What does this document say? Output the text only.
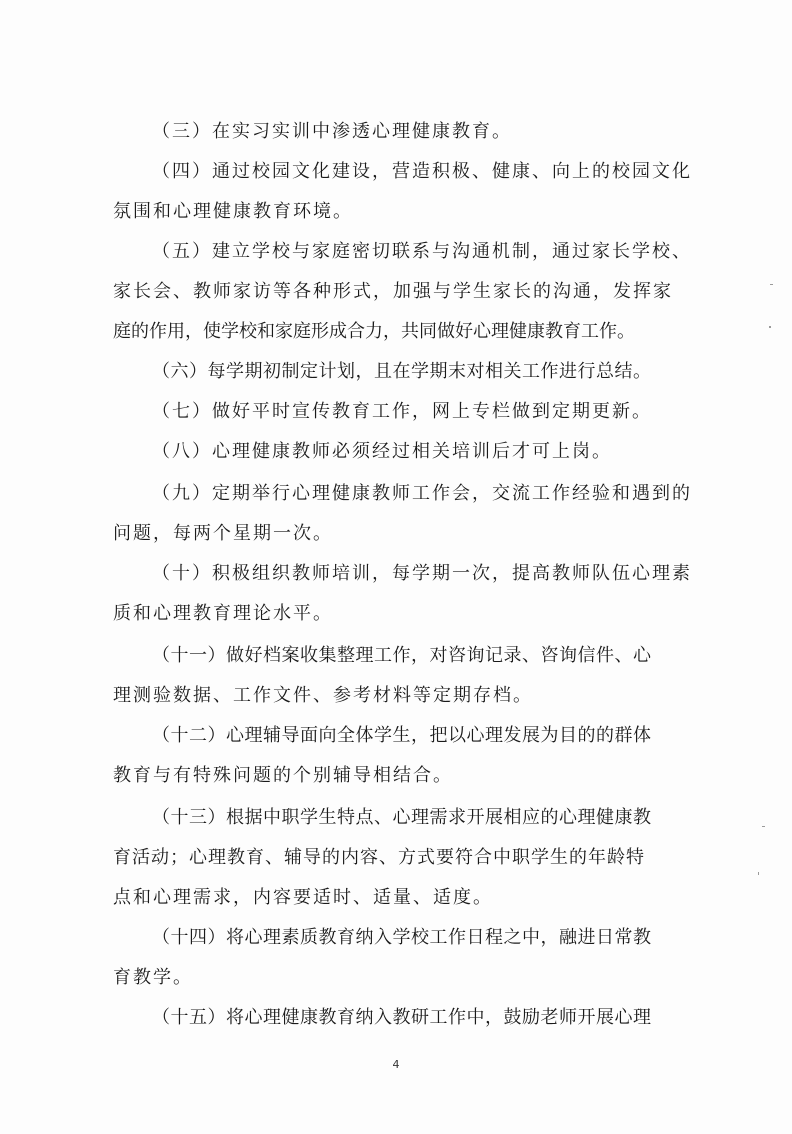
（三）在实习实训中渗透心理健康教育。

（四）通过校园文化建设，营造积极、健康、向上的校园文化
氛围和心理健康教育环境。

（五）建立学校与家庭密切联系与沟通机制，通过家长学校、
家长会、教师家访等各种形式，加强与学生家长的沟通，发挥家
庭的作用，使学校和家庭形成合力，共同做好心理健康教育工作。

（六）每学期初制定计划，且在学期末对相关工作进行总结。

（七）做好平时宣传教育工作，网上专栏做到定期更新。

（八）心理健康教师必须经过相关培训后才可上岗。

（九）定期举行心理健康教师工作会，交流工作经验和遇到的
问题，每两个星期一次。

（十）积极组织教师培训，每学期一次，提高教师队伍心理素
质和心理教育理论水平。

（十一）做好档案收集整理工作，对咨询记录、咨询信件、心
理测验数据、工作文件、参考材料等定期存档。

（十二）心理辅导面向全体学生，把以心理发展为目的的群体
教育与有特殊问题的个别辅导相结合。

（十三）根据中职学生特点、心理需求开展相应的心理健康教
育活动；心理教育、辅导的内容、方式要符合中职学生的年龄特
点和心理需求，内容要适时、适量、适度。

（十四）将心理素质教育纳入学校工作日程之中，融进日常教
育教学。

（十五）将心理健康教育纳入教研工作中，鼓励老师开展心理

4
